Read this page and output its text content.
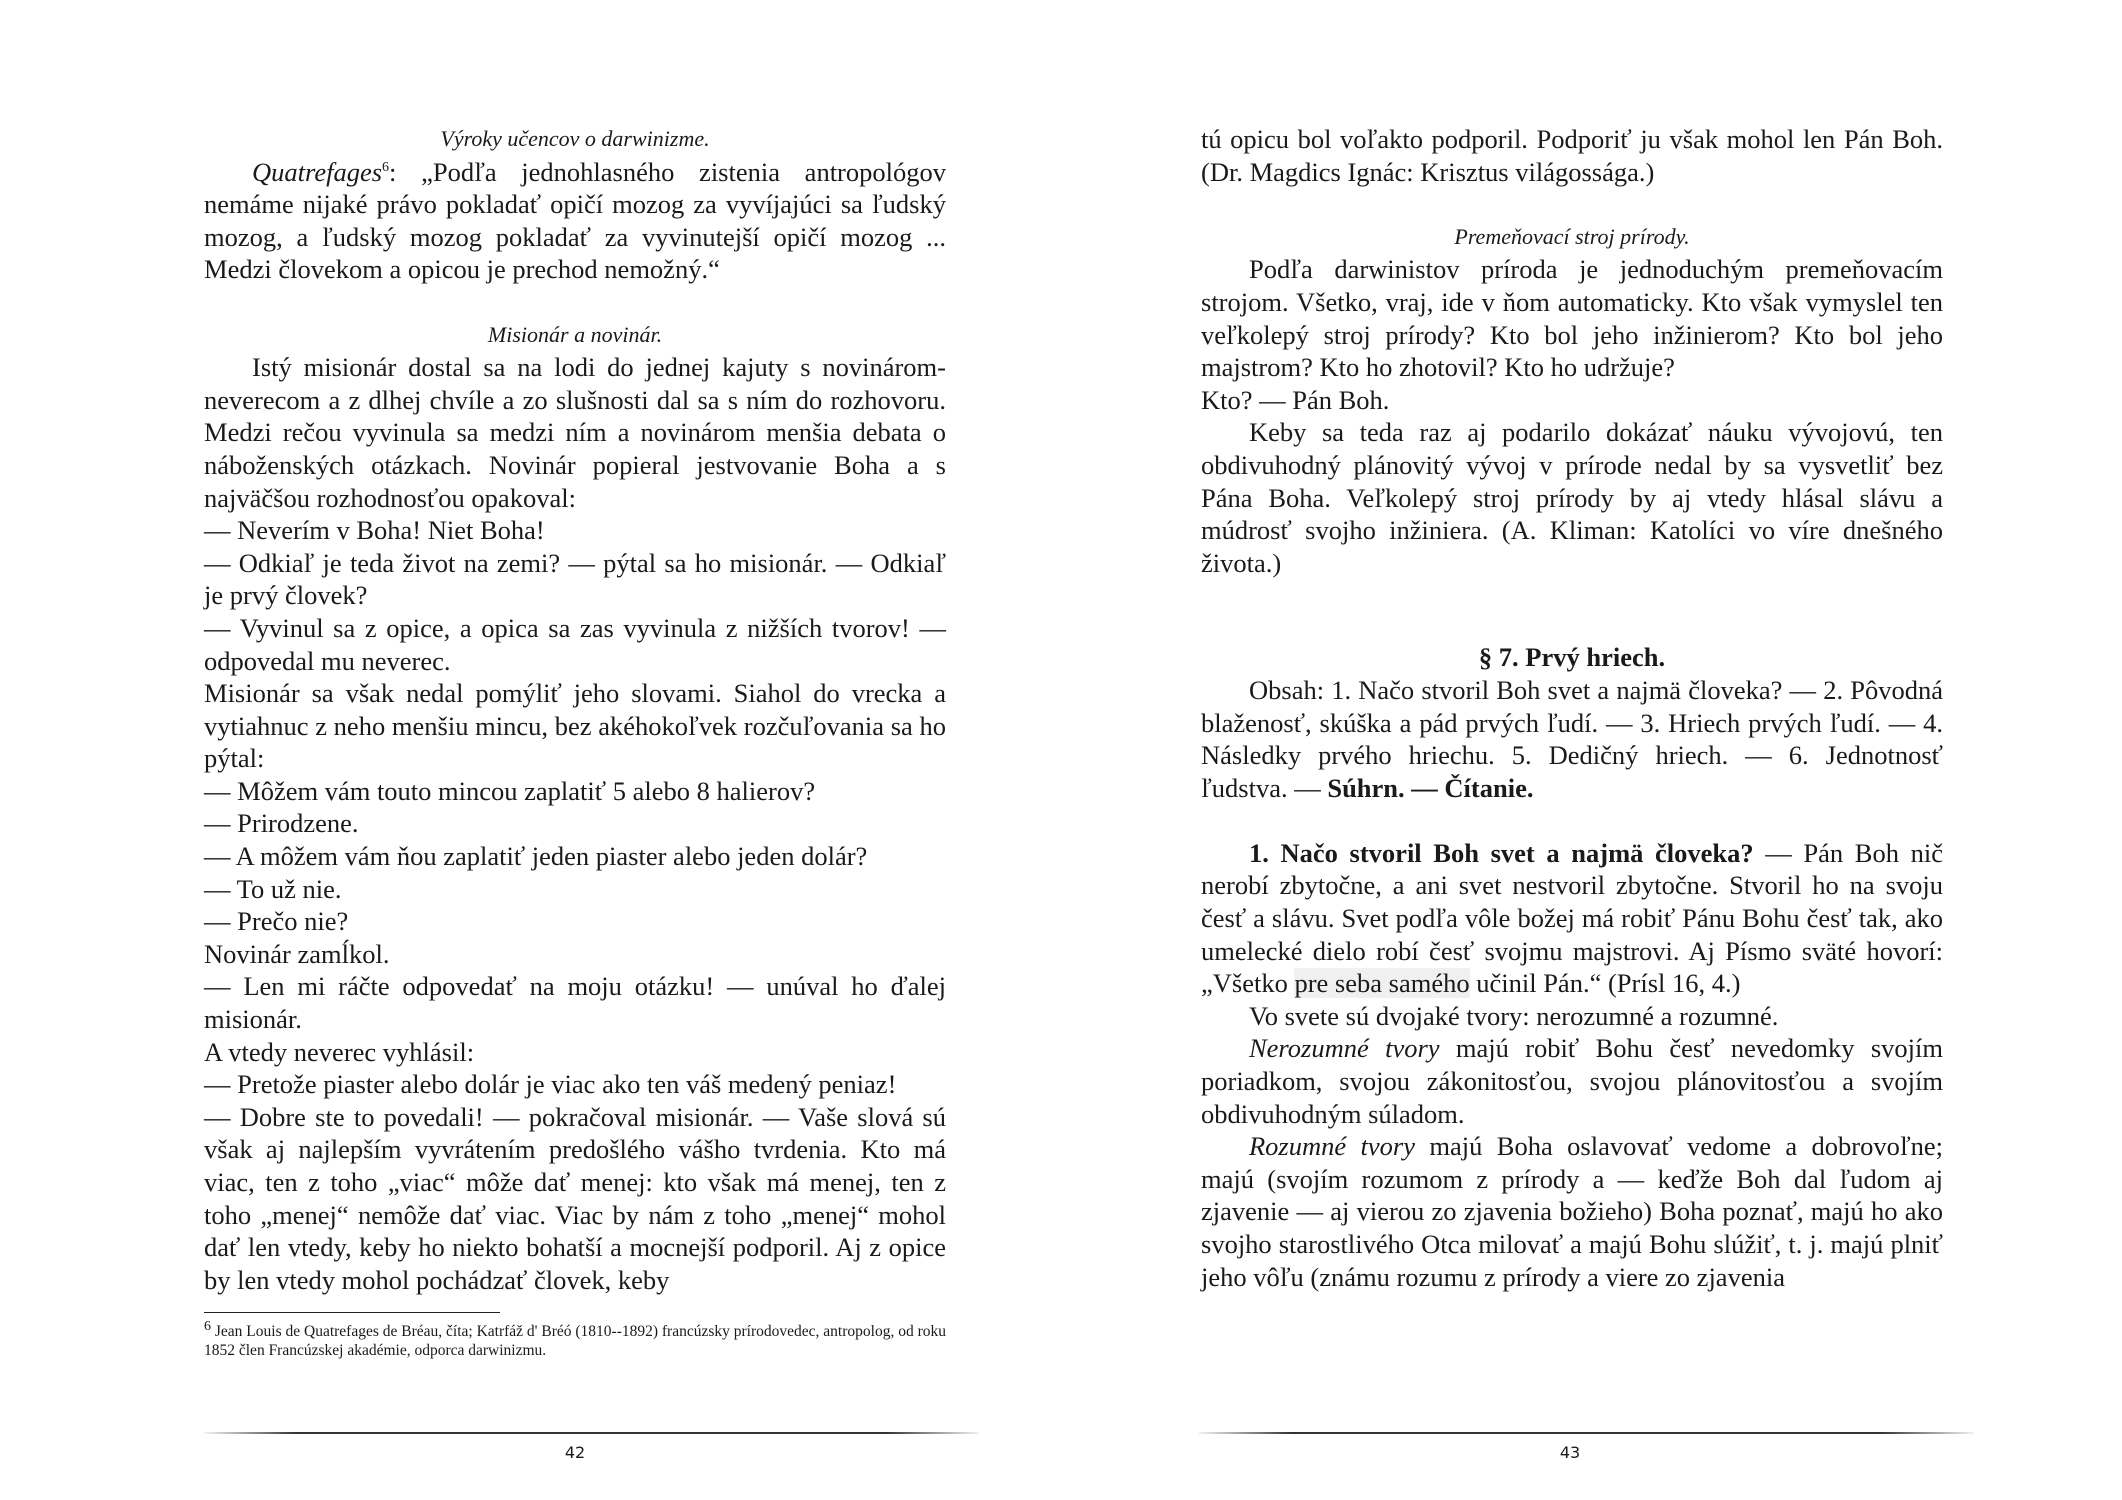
Výroky učencov o darwinizme.

Quatrefages$^6$: „Podľa jednohlasného zistenia antropológov nemáme nijaké právo pokladať opičí mozog za vyvíjajúci sa ľudský mozog, a ľudský mozog pokladať za vyvinutejší opičí mozog ... Medzi človekom a opicou je prechod nemožný.“

Misionár a novinár.

Istý misionár dostal sa na lodi do jednej kajuty s novinárom-neverecom a z dlhej chvíle a zo slušnosti dal sa s ním do rozhovoru. Medzi rečou vyvinula sa medzi ním a novinárom menšia debata o náboženských otázkach. Novinár popieral jestvovanie Boha a s najväčšou rozhodnosťou opakoval:

— Neverím v Boha! Niet Boha!

— Odkiaľ je teda život na zemi? — pýtal sa ho misionár. — Odkiaľ je prvý človek?

— Vyvinul sa z opice, a opica sa zas vyvinula z nižších tvorov! — odpovedal mu neverec.

Misionár sa však nedal pomýliť jeho slovami. Siahol do vrecka a vytiahnuc z neho menšiu mincu, bez akéhokoľvek rozčuľovania sa ho pýtal:

— Môžem vám touto mincou zaplatiť 5 alebo 8 halierov?

— Prirodzene.

— A môžem vám ňou zaplatiť jeden piaster alebo jeden dolár?

— To už nie.

— Prečo nie?

Novinár zamĺkol.

— Len mi ráčte odpovedať na moju otázku! — unúval ho ďalej misionár.

A vtedy neverec vyhlásil:

— Pretože piaster alebo dolár je viac ako ten váš medený peniaz!

— Dobre ste to povedali! — pokračoval misionár. — Vaše slová sú však aj najlepším vyvrátením predošlého vášho tvrdenia. Kto má viac, ten z toho „viac“ môže dať menej: kto však má menej, ten z toho „menej“ nemôže dať viac. Viac by nám z toho „menej“ mohol dať len vtedy, keby ho niekto bohatší a mocnejší podporil. Aj z opice by len vtedy mohol pochádzať človek, keby

$^6$ Jean Louis de Quatrefages de Bréau, číta; Katrfáž d' Bréó (1810--1892) francúzsky prírodovedec, antropolog, od roku 1852 člen Francúzskej akadémie, odporca darwinizmu.
42

tú opicu bol voľakto podporil. Podporiť ju však mohol len Pán Boh. (Dr. Magdics Ignác: Krisztus világossága.)

Premeňovací stroj prírody.

Podľa darwinistov príroda je jednoduchým premeňovacím strojom. Všetko, vraj, ide v ňom automaticky. Kto však vymyslel ten veľkolepý stroj prírody? Kto bol jeho inžinierom? Kto bol jeho majstrom? Kto ho zhotovil? Kto ho udržuje?

Kto? — Pán Boh.

Keby sa teda raz aj podarilo dokázať náuku vývojovú, ten obdivuhodný plánovitý vývoj v prírode nedal by sa vysvetliť bez Pána Boha. Veľkolepý stroj prírody by aj vtedy hlásal slávu a múdrosť svojho inžiniera. (A. Kliman: Katolíci vo víre dnešného života.)

§ 7. Prvý hriech.

Obsah: 1. Načo stvoril Boh svet a najmä človeka? — 2. Pôvodná blaženosť, skúška a pád prvých ľudí. — 3. Hriech prvých ľudí. — 4. Následky prvého hriechu. 5. Dedičný hriech. — 6. Jednotnosť ľudstva. — Súhrn. — Čítanie.

1. Načo stvoril Boh svet a najmä človeka? — Pán Boh nič nerobí zbytočne, a ani svet nestvoril zbytočne. Stvoril ho na svoju česť a slávu. Svet podľa vôle božej má robiť Pánu Bohu česť tak, ako umelecké dielo robí česť svojmu majstrovi. Aj Písmo sväté hovorí: „Všetko pre seba samého učinil Pán.“ (Prísl 16, 4.)

Vo svete sú dvojaké tvory: nerozumné a rozumné.

Nerozumné tvory majú robiť Bohu česť nevedomky svojím poriadkom, svojou zákonitosťou, svojou plánovitosťou a svojím obdivuhodným súladom.

Rozumné tvory majú Boha oslavovať vedome a dobrovoľne; majú (svojím rozumom z prírody a — keďže Boh dal ľudom aj zjavenie — aj vierou zo zjavenia božieho) Boha poznať, majú ho ako svojho starostlivého Otca milovať a majú Bohu slúžiť, t. j. majú plniť jeho vôľu (známu rozumu z prírody a viere zo zjavenia

43
